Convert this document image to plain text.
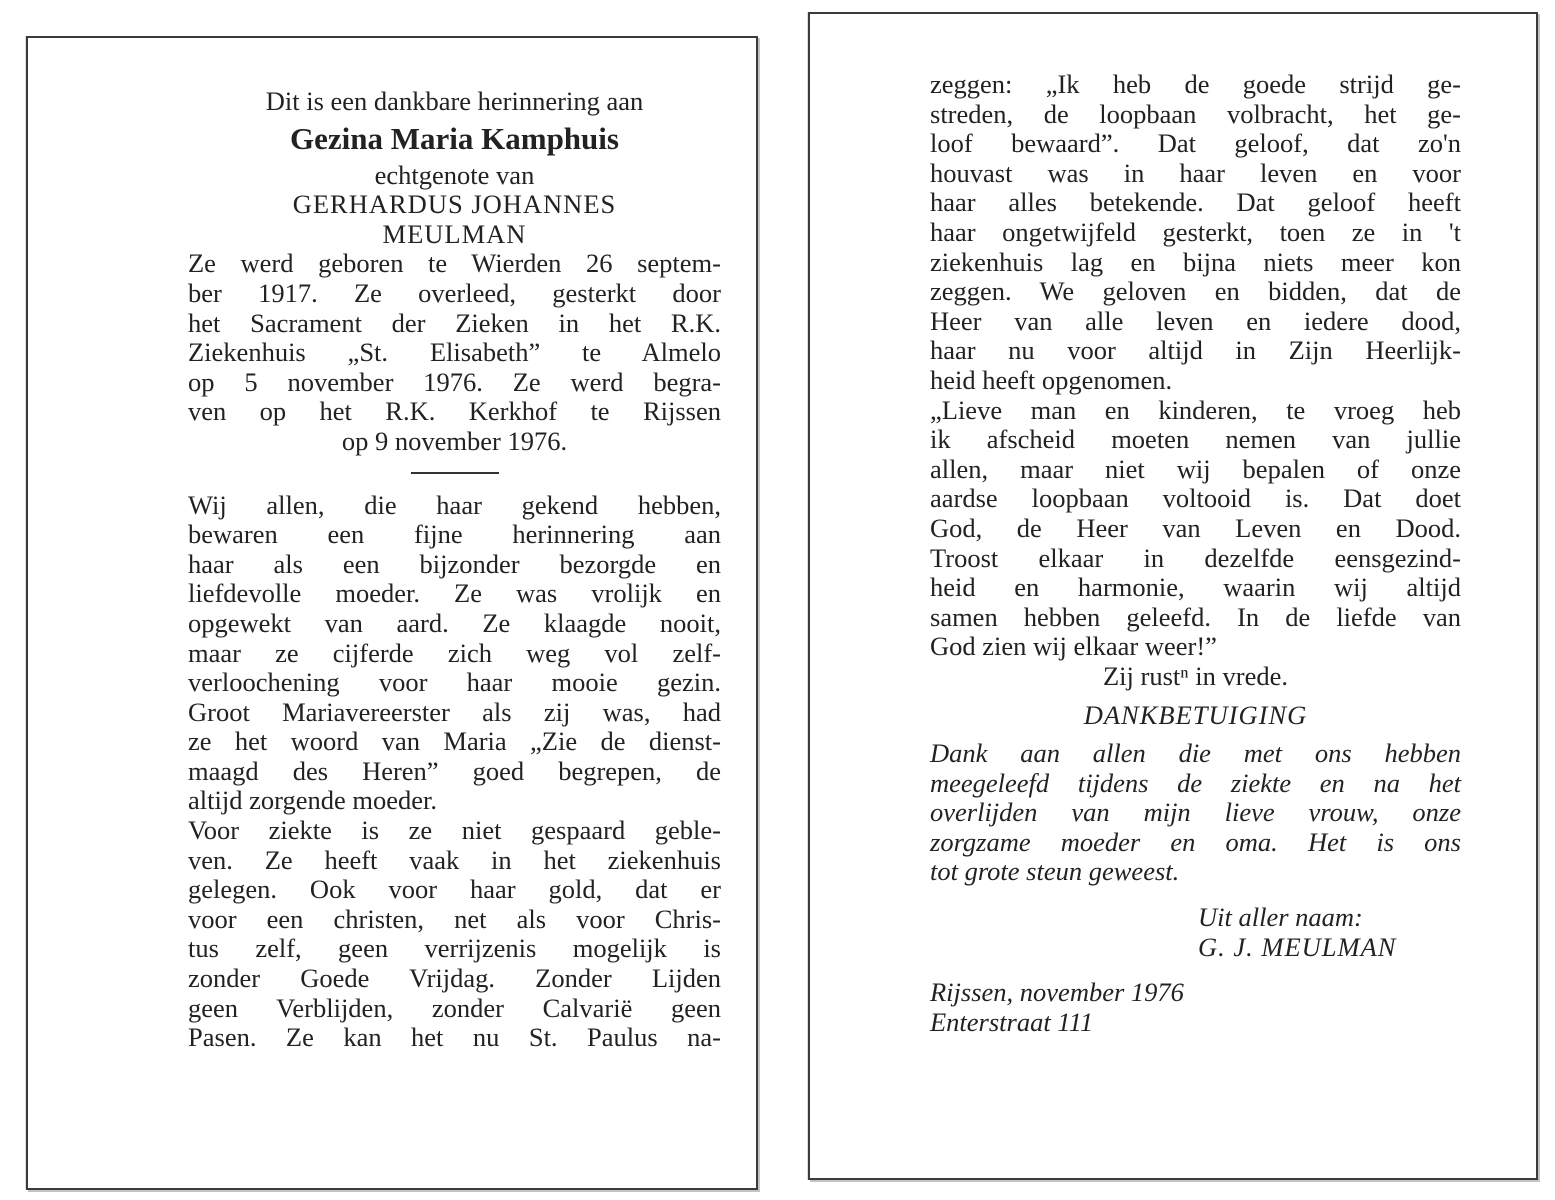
Dit is een dankbare herinnering aan
Gezina Maria Kamphuis
echtgenote van
GERHARDUS JOHANNES
MEULMAN
Ze werd geboren te Wierden 26 septem-
ber 1917. Ze overleed, gesterkt door
het Sacrament der Zieken in het R.K.
Ziekenhuis „St. Elisabeth” te Almelo
op 5 november 1976. Ze werd begra-
ven op het R.K. Kerkhof te Rijssen
op 9 november 1976.
Wij allen, die haar gekend hebben,
bewaren een fijne herinnering aan
haar als een bijzonder bezorgde en
liefdevolle moeder. Ze was vrolijk en
opgewekt van aard. Ze klaagde nooit,
maar ze cijferde zich weg vol zelf-
verloochening voor haar mooie gezin.
Groot Mariavereerster als zij was, had
ze het woord van Maria „Zie de dienst-
maagd des Heren” goed begrepen, de
altijd zorgende moeder.
Voor ziekte is ze niet gespaard geble-
ven. Ze heeft vaak in het ziekenhuis
gelegen. Ook voor haar gold, dat er
voor een christen, net als voor Chris-
tus zelf, geen verrijzenis mogelijk is
zonder Goede Vrijdag. Zonder Lijden
geen Verblijden, zonder Calvarië geen
Pasen. Ze kan het nu St. Paulus na-
zeggen: „Ik heb de goede strijd ge-
streden, de loopbaan volbracht, het ge-
loof bewaard”. Dat geloof, dat zo'n
houvast was in haar leven en voor
haar alles betekende. Dat geloof heeft
haar ongetwijfeld gesterkt, toen ze in 't
ziekenhuis lag en bijna niets meer kon
zeggen. We geloven en bidden, dat de
Heer van alle leven en iedere dood,
haar nu voor altijd in Zijn Heerlijk-
heid heeft opgenomen.
„Lieve man en kinderen, te vroeg heb
ik afscheid moeten nemen van jullie
allen, maar niet wij bepalen of onze
aardse loopbaan voltooid is. Dat doet
God, de Heer van Leven en Dood.
Troost elkaar in dezelfde eensgezind-
heid en harmonie, waarin wij altijd
samen hebben geleefd. In de liefde van
God zien wij elkaar weer!”
Zij rustⁿ in vrede.
DANKBETUIGING
Dank aan allen die met ons hebben
meegeleefd tijdens de ziekte en na het
overlijden van mijn lieve vrouw, onze
zorgzame moeder en oma. Het is ons
tot grote steun geweest.
Uit aller naam:
G. J. MEULMAN
Rijssen, november 1976
Enterstraat 111
